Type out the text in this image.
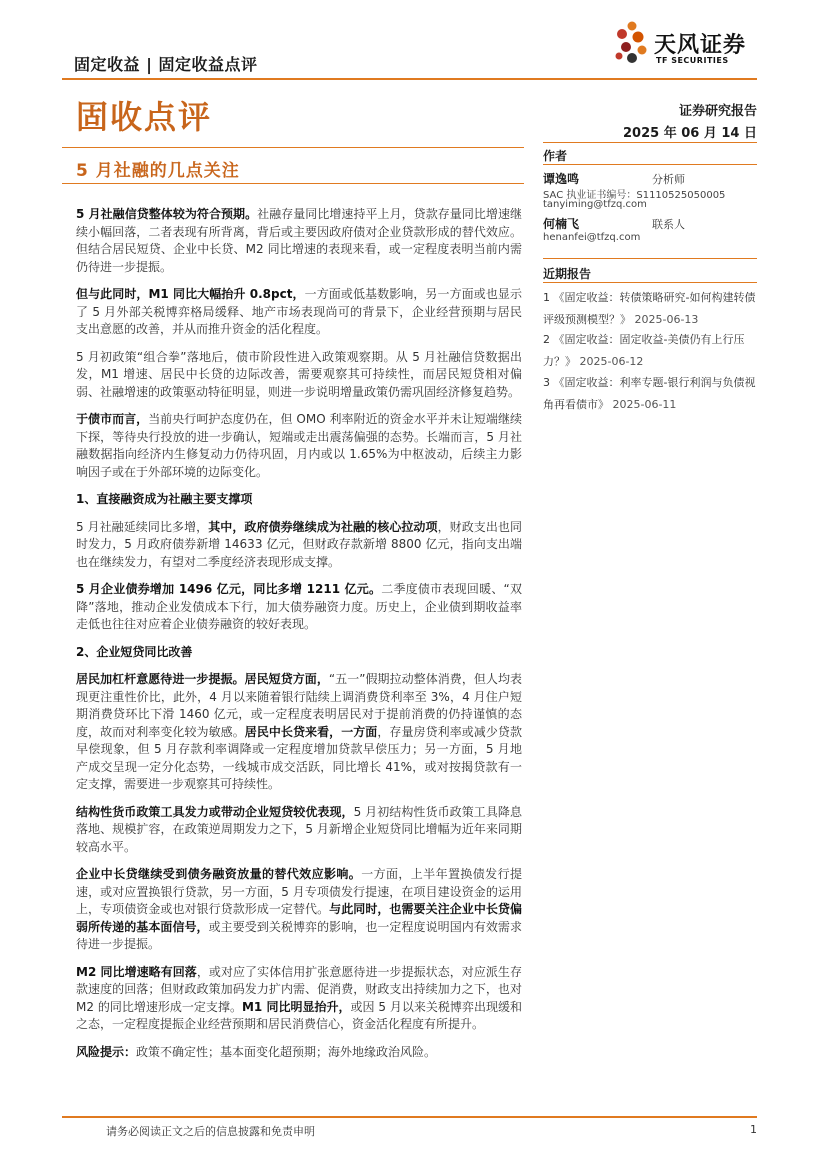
固定收益 | 固定收益点评
天风证券
TF SECURITIES
固收点评	证券研究报告
2025 年 06 月 14 日
5 月社融的几点关注
作者
谭逸鸣	分析师
SAC 执业证书编号：S1110525050005
tanyiming@tfzq.com
何楠飞	联系人
henanfei@tfzq.com
近期报告
1 《固定收益：转债策略研究-如何构建转债评级预测模型？》 2025-06-13
2 《固定收益：固定收益-美债仍有上行压力？》 2025-06-12
3 《固定收益：利率专题-银行利润与负债视角再看债市》 2025-06-11

5 月社融信贷整体较为符合预期。社融存量同比增速持平上月，贷款存量同比增速继续小幅回落，二者表现有所背离，背后或主要因政府债对企业贷款形成的替代效应。但结合居民短贷、企业中长贷、M2 同比增速的表现来看，或一定程度表明当前内需仍待进一步提振。

但与此同时，M1 同比大幅抬升 0.8pct，一方面或低基数影响，另一方面或也显示了 5 月外部关税博弈格局缓释、地产市场表现尚可的背景下，企业经营预期与居民支出意愿的改善，并从而推升资金的活化程度。

5 月初政策“组合拳”落地后，债市阶段性进入政策观察期。从 5 月社融信贷数据出发，M1 增速、居民中长贷的边际改善，需要观察其可持续性，而居民短贷相对偏弱、社融增速的政策驱动特征明显，则进一步说明增量政策仍需巩固经济修复趋势。

于债市而言，当前央行呵护态度仍在，但 OMO 利率附近的资金水平并未让短端继续下探，等待央行投放的进一步确认，短端或走出震荡偏强的态势。长端而言，5 月社融数据指向经济内生修复动力仍待巩固，月内或以 1.65%为中枢波动，后续主力影响因子或在于外部环境的边际变化。

1、直接融资成为社融主要支撑项

5 月社融延续同比多增，其中，政府债券继续成为社融的核心拉动项，财政支出也同时发力，5 月政府债券新增 14633 亿元，但财政存款新增 8800 亿元，指向支出端也在继续发力，有望对二季度经济表现形成支撑。

5 月企业债券增加 1496 亿元，同比多增 1211 亿元。二季度债市表现回暖、“双降”落地，推动企业发债成本下行，加大债券融资力度。历史上，企业债到期收益率走低也往往对应着企业债券融资的较好表现。

2、企业短贷同比改善

居民加杠杆意愿待进一步提振。居民短贷方面，“五一”假期拉动整体消费，但人均表现更注重性价比，此外，4 月以来随着银行陆续上调消费贷利率至 3%，4 月住户短期消费贷环比下滑 1460 亿元，或一定程度表明居民对于提前消费的仍持谨慎的态度，故而对利率变化较为敏感。居民中长贷来看，一方面，存量房贷利率或减少贷款早偿现象，但 5 月存款利率调降或一定程度增加贷款早偿压力；另一方面，5 月地产成交呈现一定分化态势，一线城市成交活跃，同比增长 41%，或对按揭贷款有一定支撑，需要进一步观察其可持续性。

结构性货币政策工具发力或带动企业短贷较优表现，5 月初结构性货币政策工具降息落地、规模扩容，在政策逆周期发力之下，5 月新增企业短贷同比增幅为近年来同期较高水平。

企业中长贷继续受到债务融资放量的替代效应影响。一方面，上半年置换债发行提速，或对应置换银行贷款，另一方面，5 月专项债发行提速，在项目建设资金的运用上，专项债资金或也对银行贷款形成一定替代。与此同时，也需要关注企业中长贷偏弱所传递的基本面信号，或主要受到关税博弈的影响，也一定程度说明国内有效需求待进一步提振。

M2 同比增速略有回落，或对应了实体信用扩张意愿待进一步提振状态，对应派生存款速度的回落；但财政政策加码发力扩内需、促消费，财政支出持续加力之下，也对 M2 的同比增速形成一定支撑。M1 同比明显抬升，或因 5 月以来关税博弈出现缓和之态，一定程度提振企业经营预期和居民消费信心，资金活化程度有所提升。

风险提示：政策不确定性；基本面变化超预期；海外地缘政治风险。

请务必阅读正文之后的信息披露和免责申明	1
